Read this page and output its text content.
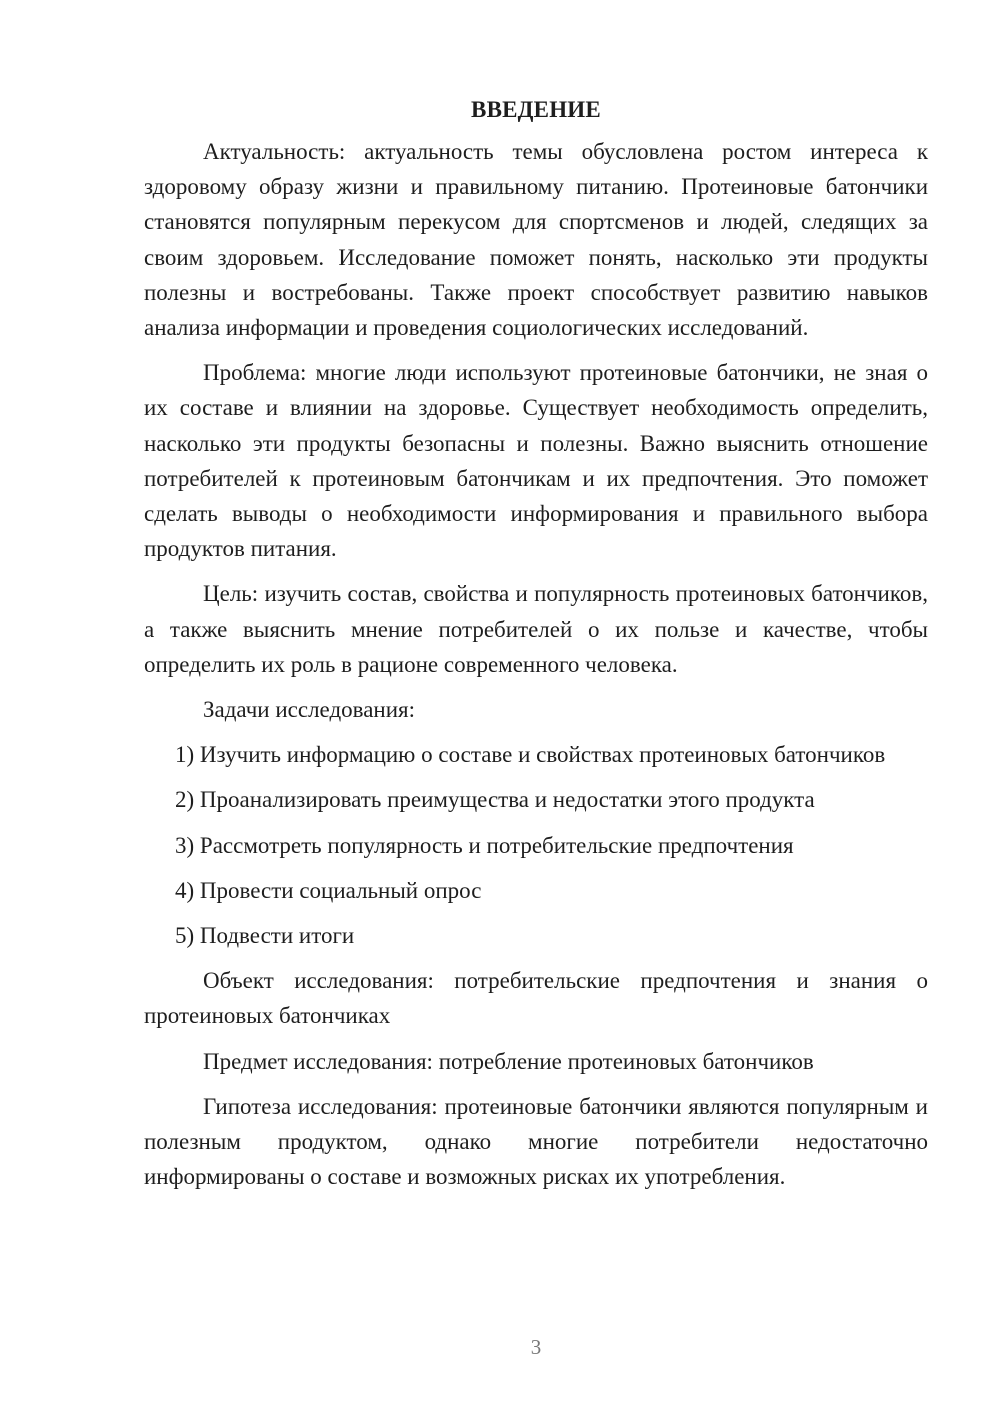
ВВЕДЕНИЕ

Актуальность: актуальность темы обусловлена ростом интереса к здоровому образу жизни и правильному питанию. Протеиновые батончики становятся популярным перекусом для спортсменов и людей, следящих за своим здоровьем. Исследование поможет понять, насколько эти продукты полезны и востребованы. Также проект способствует развитию навыков анализа информации и проведения социологических исследований.

Проблема: многие люди используют протеиновые батончики, не зная о их составе и влиянии на здоровье. Существует необходимость определить, насколько эти продукты безопасны и полезны. Важно выяснить отношение потребителей к протеиновым батончикам и их предпочтения. Это поможет сделать выводы о необходимости информирования и правильного выбора продуктов питания.

Цель: изучить состав, свойства и популярность протеиновых батончиков, а также выяснить мнение потребителей о их пользе и качестве, чтобы определить их роль в рационе современного человека.

Задачи исследования:

1) Изучить информацию о составе и свойствах протеиновых батончиков

2) Проанализировать преимущества и недостатки этого продукта

3) Рассмотреть популярность и потребительские предпочтения

4) Провести социальный опрос

5) Подвести итоги

Объект исследования: потребительские предпочтения и знания о протеиновых батончиках

Предмет исследования: потребление протеиновых батончиков

Гипотеза исследования: протеиновые батончики являются популярным и полезным продуктом, однако многие потребители недостаточно информированы о составе и возможных рисках их употребления.

3
